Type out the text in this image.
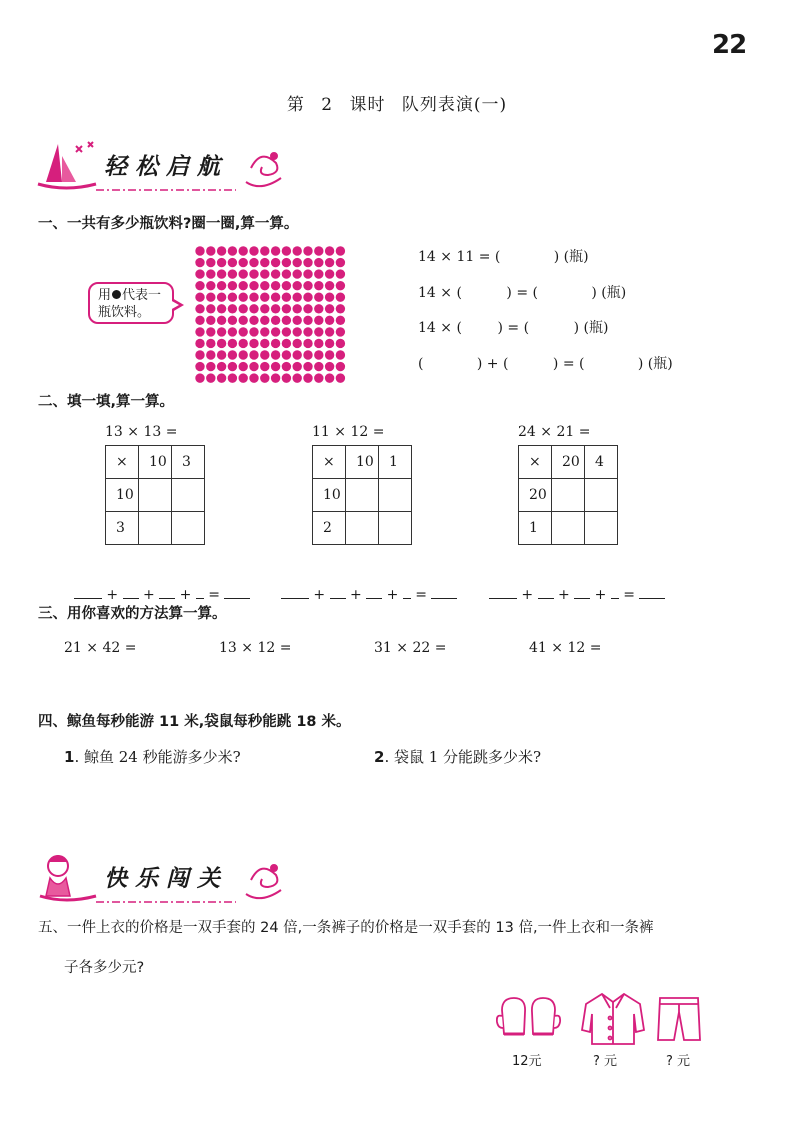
22
第 2 课时 队列表演(一)
轻松启航
一、一共有多少瓶饮料?圈一圈,算一算。
用 代表一
瓶饮料。
14 × 11 = (            ) (瓶)
14 × (          ) = (            ) (瓶)
14 × (        ) = (          ) (瓶)
(            ) + (          ) = (            ) (瓶)
二、填一填,算一算。
13 × 13 =
×	10	3
10		
3		
11 × 12 =
×	10	1
10		
2		
24 × 21 =
×	20	4
20		
1		

+ + + =	+ + + =	+ + + =

三、用你喜欢的方法算一算。
21 × 42 =	13 × 12 =	31 × 22 =	41 × 12 =
四、鲸鱼每秒能游 11 米,袋鼠每秒能跳 18 米。
1. 鲸鱼 24 秒能游多少米?	2. 袋鼠 1 分能跳多少米?
快乐闯关
五、一件上衣的价格是一双手套的 24 倍,一条裤子的价格是一双手套的 13 倍,一件上衣和一条裤
子各多少元?
12元	? 元	? 元
